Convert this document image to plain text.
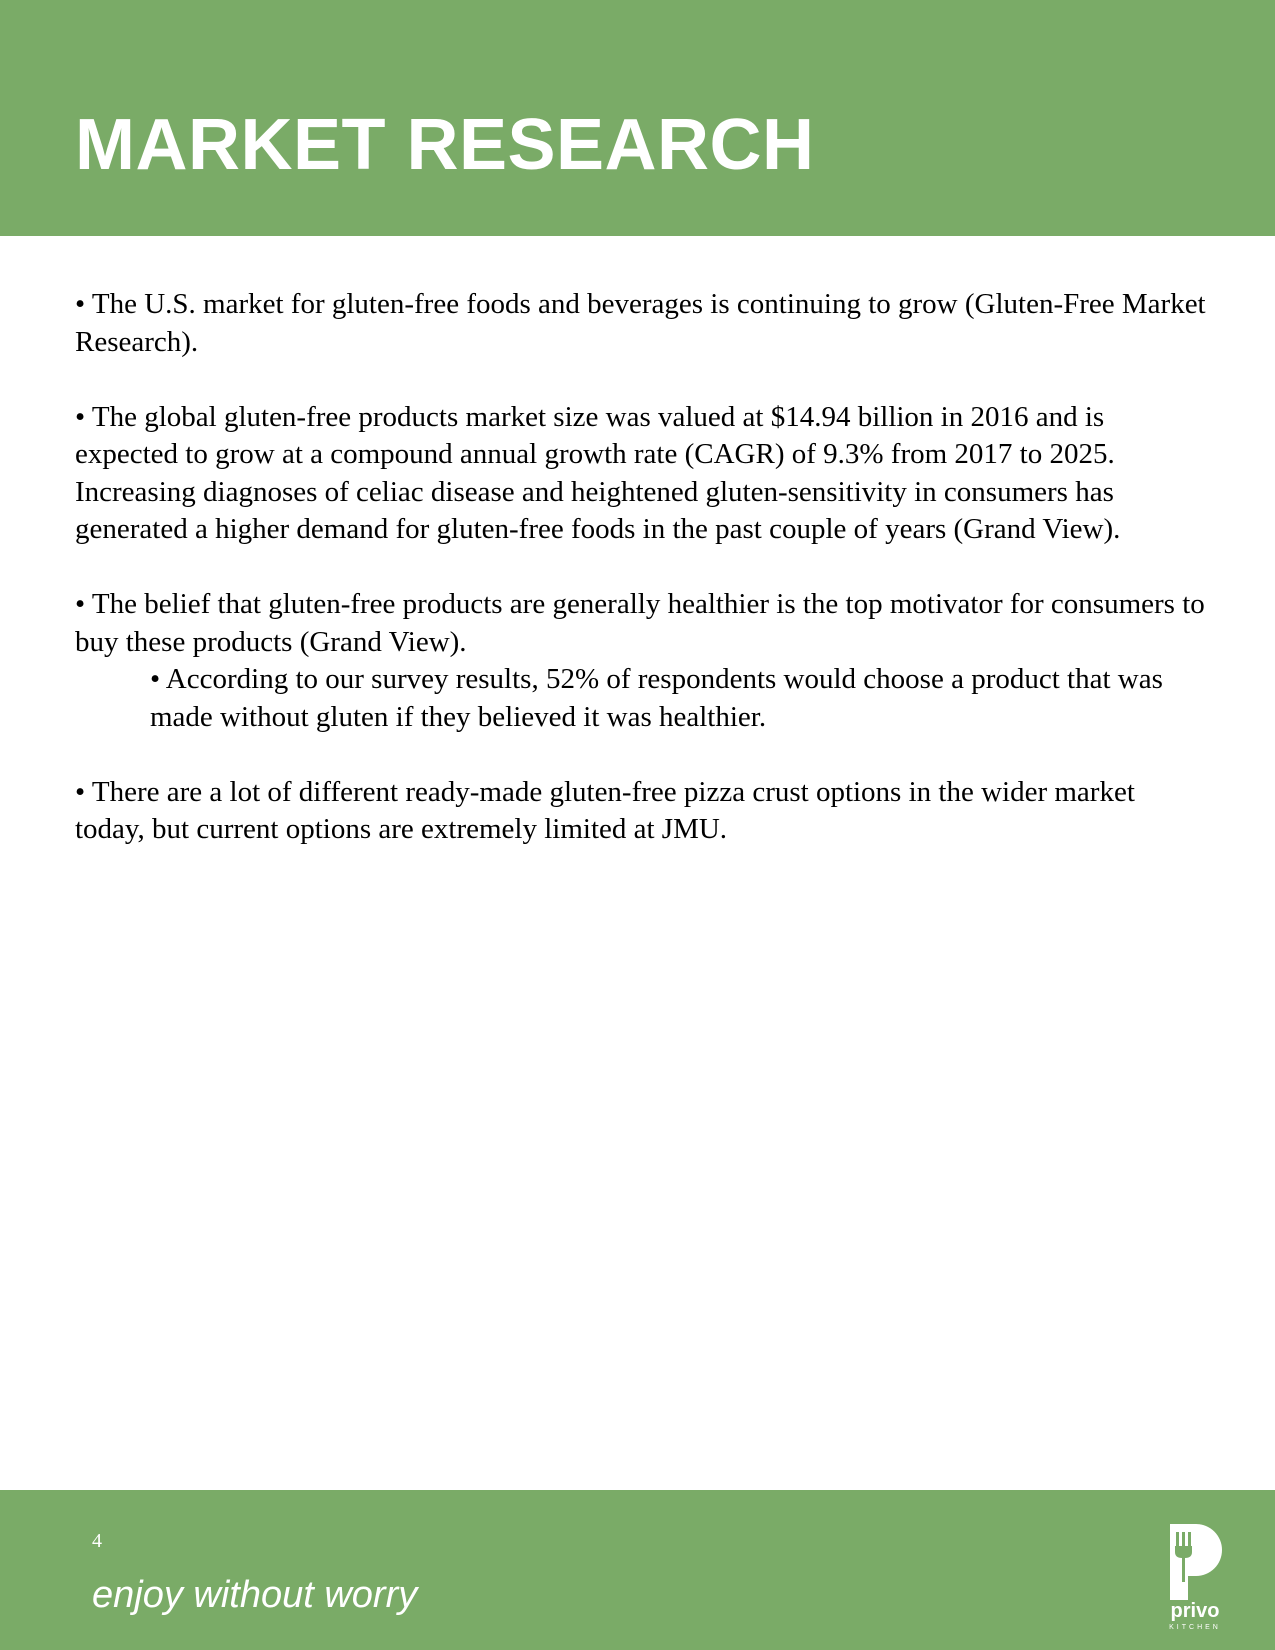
MARKET RESEARCH

• The U.S. market for gluten-free foods and beverages is continuing to grow (Gluten-Free Market Research).

• The global gluten-free products market size was valued at $14.94 billion in 2016 and is expected to grow at a compound annual growth rate (CAGR) of 9.3% from 2017 to 2025. Increasing diagnoses of celiac disease and heightened gluten-sensitivity in consumers has generated a higher demand for gluten-free foods in the past couple of years (Grand View).

• The belief that gluten-free products are generally healthier is the top motivator for consumers to buy these products (Grand View).

• According to our survey results, 52% of respondents would choose a product that was made without gluten if they believed it was healthier.

• There are a lot of different ready-made gluten-free pizza crust options in the wider market today, but current options are extremely limited at JMU.

4
enjoy without worry	privo
KITCHEN
